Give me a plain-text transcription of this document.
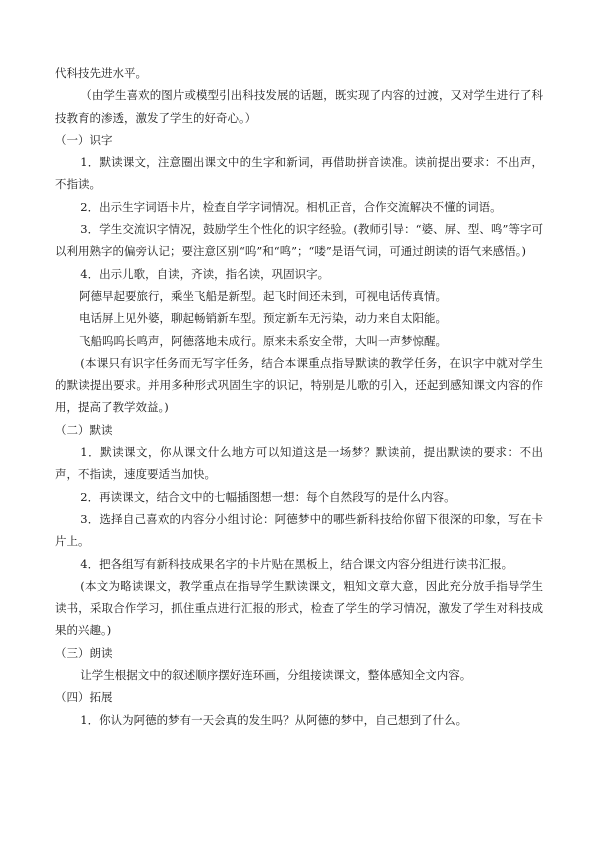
代科技先进水平。

（由学生喜欢的图片或模型引出科技发展的话题，既实现了内容的过渡，又对学生进行了科技教育的渗透，激发了学生的好奇心。）

（一）识字

1．默读课文，注意圈出课文中的生字和新词，再借助拼音读准。读前提出要求：不出声，不指读。

2．出示生字词语卡片，检查自学字词情况。相机正音，合作交流解决不懂的词语。

3．学生交流识字情况，鼓励学生个性化的识字经验。(教师引导：“婆、屏、型、鸣”等字可以利用熟字的偏旁认记；要注意区别“呜”和“鸣”；“喽”是语气词，可通过朗读的语气来感悟。)

4．出示儿歌，自读，齐读，指名读，巩固识字。

阿德早起要旅行，乘坐飞船是新型。起飞时间还未到，可视电话传真情。

电话屏上见外婆，聊起畅销新车型。预定新车无污染，动力来自太阳能。

飞船呜呜长鸣声，阿德落地未成行。原来未系安全带，大叫一声梦惊醒。

(本课只有识字任务而无写字任务，结合本课重点指导默读的教学任务，在识字中就对学生的默读提出要求。并用多种形式巩固生字的识记，特别是儿歌的引入，还起到感知课文内容的作用，提高了教学效益。)

（二）默读

1．默读课文，你从课文什么地方可以知道这是一场梦？默读前，提出默读的要求：不出声，不指读，速度要适当加快。

2．再读课文，结合文中的七幅插图想一想：每个自然段写的是什么内容。

3．选择自己喜欢的内容分小组讨论：阿德梦中的哪些新科技给你留下很深的印象，写在卡片上。

4．把各组写有新科技成果名字的卡片贴在黑板上，结合课文内容分组进行读书汇报。

(本文为略读课文，教学重点在指导学生默读课文，粗知文章大意，因此充分放手指导学生读书，采取合作学习，抓住重点进行汇报的形式，检查了学生的学习情况，激发了学生对科技成果的兴趣。)

（三）朗读

让学生根据文中的叙述顺序摆好连环画，分组接读课文，整体感知全文内容。

（四）拓展

1．你认为阿德的梦有一天会真的发生吗？从阿德的梦中，自己想到了什么。
